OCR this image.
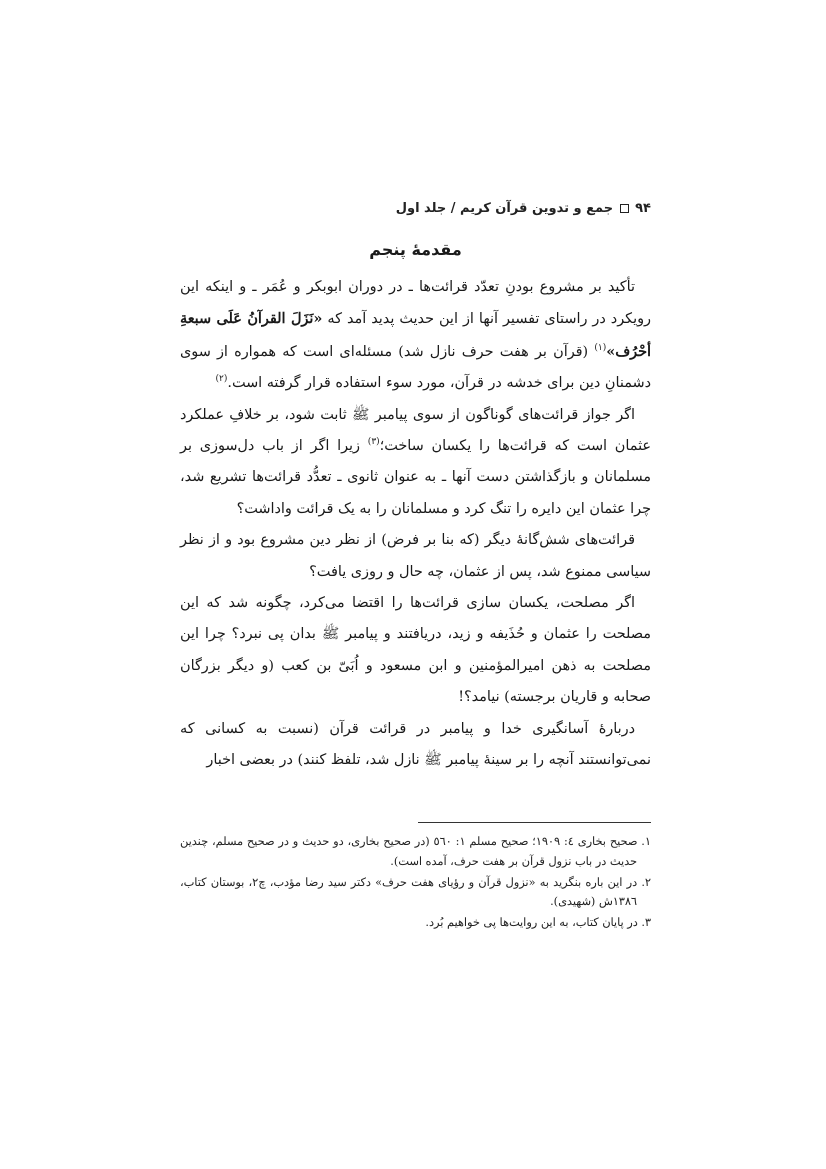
۹۴
جمع و تدوین قرآن کریم / جلد اول
مقدمۀ پنجم

تأکید بر مشروع بودنِ تعدّد قرائت‌ها ـ در دوران ابوبکر و عُمَر ـ و اینکه این رویکرد در راستای تفسیر آنها از این حدیث پدید آمد که «نَزَلَ القرآنُ عَلَی سبعةِ أحْرُف»$^{(۱)}$ (قرآن بر هفت حرف نازل شد) مسئله‌ای است که همواره از سوی دشمنانِ دین برای خدشه در قرآن، مورد سوء استفاده قرار گرفته است.$^{(۲)}$

اگر جواز قرائت‌های گوناگون از سوی پیامبر ﷺ ثابت شود، بر خلافِ عملکرد عثمان است که قرائت‌ها را یکسان ساخت؛$^{(۳)}$ زیرا اگر از باب دل‌سوزی بر مسلمانان و بازگذاشتن دست آنها ـ به عنوان ثانوی ـ تعدُّد قرائت‌ها تشریع شد، چرا عثمان این دایره را تنگ کرد و مسلمانان را به یک قرائت واداشت؟

قرائت‌های شش‌گانۀ دیگر (که بنا بر فرض) از نظر دین مشروع بود و از نظر سیاسی ممنوع شد، پس از عثمان، چه حال و روزی یافت؟

اگر مصلحت، یکسان سازی قرائت‌ها را اقتضا می‌کرد، چگونه شد که این مصلحت را عثمان و حُذَیفه و زید، دریافتند و پیامبر ﷺ بدان پی نبرد؟ چرا این مصلحت به ذهن امیرالمؤمنین و ابن مسعود و اُبَیّ بن کعب (و دیگر بزرگان صحابه و قاریان برجسته) نیامد؟!

دربارۀ آسانگیری خدا و پیامبر در قرائت قرآن (نسبت به کسانی که نمی‌توانستند آنچه را بر سینۀ پیامبر ﷺ نازل شد، تلفظ کنند) در بعضی اخبار

۱. صحیح بخاری ٤: ۱۹۰۹؛ صحیح مسلم ۱: ٥٦٠ (در صحیح بخاری، دو حدیث و در صحیح مسلم، چندین حدیث در باب نزول قرآن بر هفت حرف، آمده است).

۲. در این باره بنگرید به «نزول قرآن و رؤیای هفت حرف» دکتر سید رضا مؤدب، چ۲، بوستان کتاب، ۱۳۸٦ش (شهیدی).

۳. در پایان کتاب، به این روایت‌ها پی خواهیم بُرد.
